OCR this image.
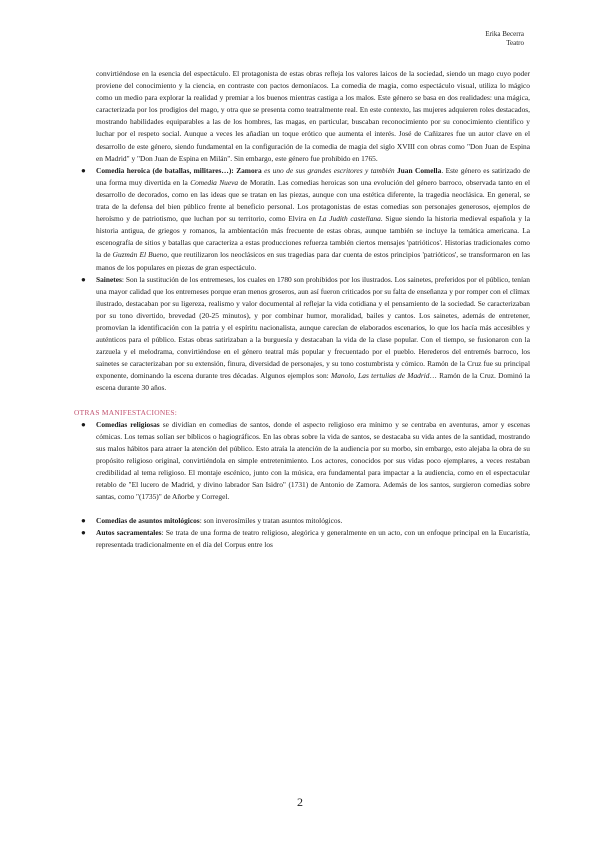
Erika Becerra
Teatro

convirtiéndose en la esencia del espectáculo. El protagonista de estas obras refleja los valores laicos de la sociedad, siendo un mago cuyo poder proviene del conocimiento y la ciencia, en contraste con pactos demoníacos. La comedia de magia, como espectáculo visual, utiliza lo mágico como un medio para explorar la realidad y premiar a los buenos mientras castiga a los malos. Este género se basa en dos realidades: una mágica, caracterizada por los prodigios del mago, y otra que se presenta como teatralmente real. En este contexto, las mujeres adquieren roles destacados, mostrando habilidades equiparables a las de los hombres, las magas, en particular, buscaban reconocimiento por su conocimiento científico y luchar por el respeto social. Aunque a veces les añadían un toque erótico que aumenta el interés. José de Cañizares fue un autor clave en el desarrollo de este género, siendo fundamental en la configuración de la comedia de magia del siglo XVIII con obras como "Don Juan de Espina en Madrid" y "Don Juan de Espina en Milán". Sin embargo, este género fue prohibido en 1765.

● Comedia heroica (de batallas, militares…): Zamora es uno de sus grandes escritores y también Juan Comella. Este género es satirizado de una forma muy divertida en la Comedia Nueva de Moratín. Las comedias heroicas son una evolución del género barroco, observada tanto en el desarrollo de decorados, como en las ideas que se tratan en las piezas, aunque con una estética diferente, la tragedia neoclásica. En general, se trata de la defensa del bien público frente al beneficio personal. Los protagonistas de estas comedias son personajes generosos, ejemplos de heroísmo y de patriotismo, que luchan por su territorio, como Elvira en La Judith castellana. Sigue siendo la historia medieval española y la historia antigua, de griegos y romanos, la ambientación más frecuente de estas obras, aunque también se incluye la temática americana. La escenografía de sitios y batallas que caracteriza a estas producciones refuerza también ciertos mensajes 'patrióticos'. Historias tradicionales como la de Guzmán El Bueno, que reutilizaron los neoclásicos en sus tragedias para dar cuenta de estos principios 'patrióticos', se transformaron en las manos de los populares en piezas de gran espectáculo.
● Sainetes: Son la sustitución de los entremeses, los cuales en 1780 son prohibidos por los ilustrados. Los sainetes, preferidos por el público, tenían una mayor calidad que los entremeses porque eran menos groseros, aun así fueron criticados por su falta de enseñanza y por romper con el clímax ilustrado, destacaban por su ligereza, realismo y valor documental al reflejar la vida cotidiana y el pensamiento de la sociedad. Se caracterizaban por su tono divertido, brevedad (20-25 minutos), y por combinar humor, moralidad, bailes y cantos. Los sainetes, además de entretener, promovían la identificación con la patria y el espíritu nacionalista, aunque carecían de elaborados escenarios, lo que los hacía más accesibles y auténticos para el público. Estas obras satirizaban a la burguesía y destacaban la vida de la clase popular. Con el tiempo, se fusionaron con la zarzuela y el melodrama, convirtiéndose en el género teatral más popular y frecuentado por el pueblo. Herederos del entremés barroco, los sainetes se caracterizaban por su extensión, finura, diversidad de personajes, y su tono costumbrista y cómico. Ramón de la Cruz fue su principal exponente, dominando la escena durante tres décadas. Algunos ejemplos son: Manolo, Las tertulias de Madrid… Ramón de la Cruz. Dominó la escena durante 30 años.
OTRAS MANIFESTACIONES:
● Comedias religiosas se dividían en comedias de santos, donde el aspecto religioso era mínimo y se centraba en aventuras, amor y escenas cómicas. Los temas solían ser bíblicos o hagiográficos. En las obras sobre la vida de santos, se destacaba su vida antes de la santidad, mostrando sus malos hábitos para atraer la atención del público. Esto atraía la atención de la audiencia por su morbo, sin embargo, esto alejaba la obra de su propósito religioso original, convirtiéndola en simple entretenimiento. Los actores, conocidos por sus vidas poco ejemplares, a veces restaban credibilidad al tema religioso. El montaje escénico, junto con la música, era fundamental para impactar a la audiencia, como en el espectacular retablo de "El lucero de Madrid, y divino labrador San Isidro" (1731) de Antonio de Zamora. Además de los santos, surgieron comedias sobre santas, como "(1735)" de Añorbe y Corregel.
● Comedias de asuntos mitológicos: son inverosímiles y tratan asuntos mitológicos.
● Autos sacramentales: Se trata de una forma de teatro religioso, alegórica y generalmente en un acto, con un enfoque principal en la Eucaristía, representada tradicionalmente en el día del Corpus entre los
2
